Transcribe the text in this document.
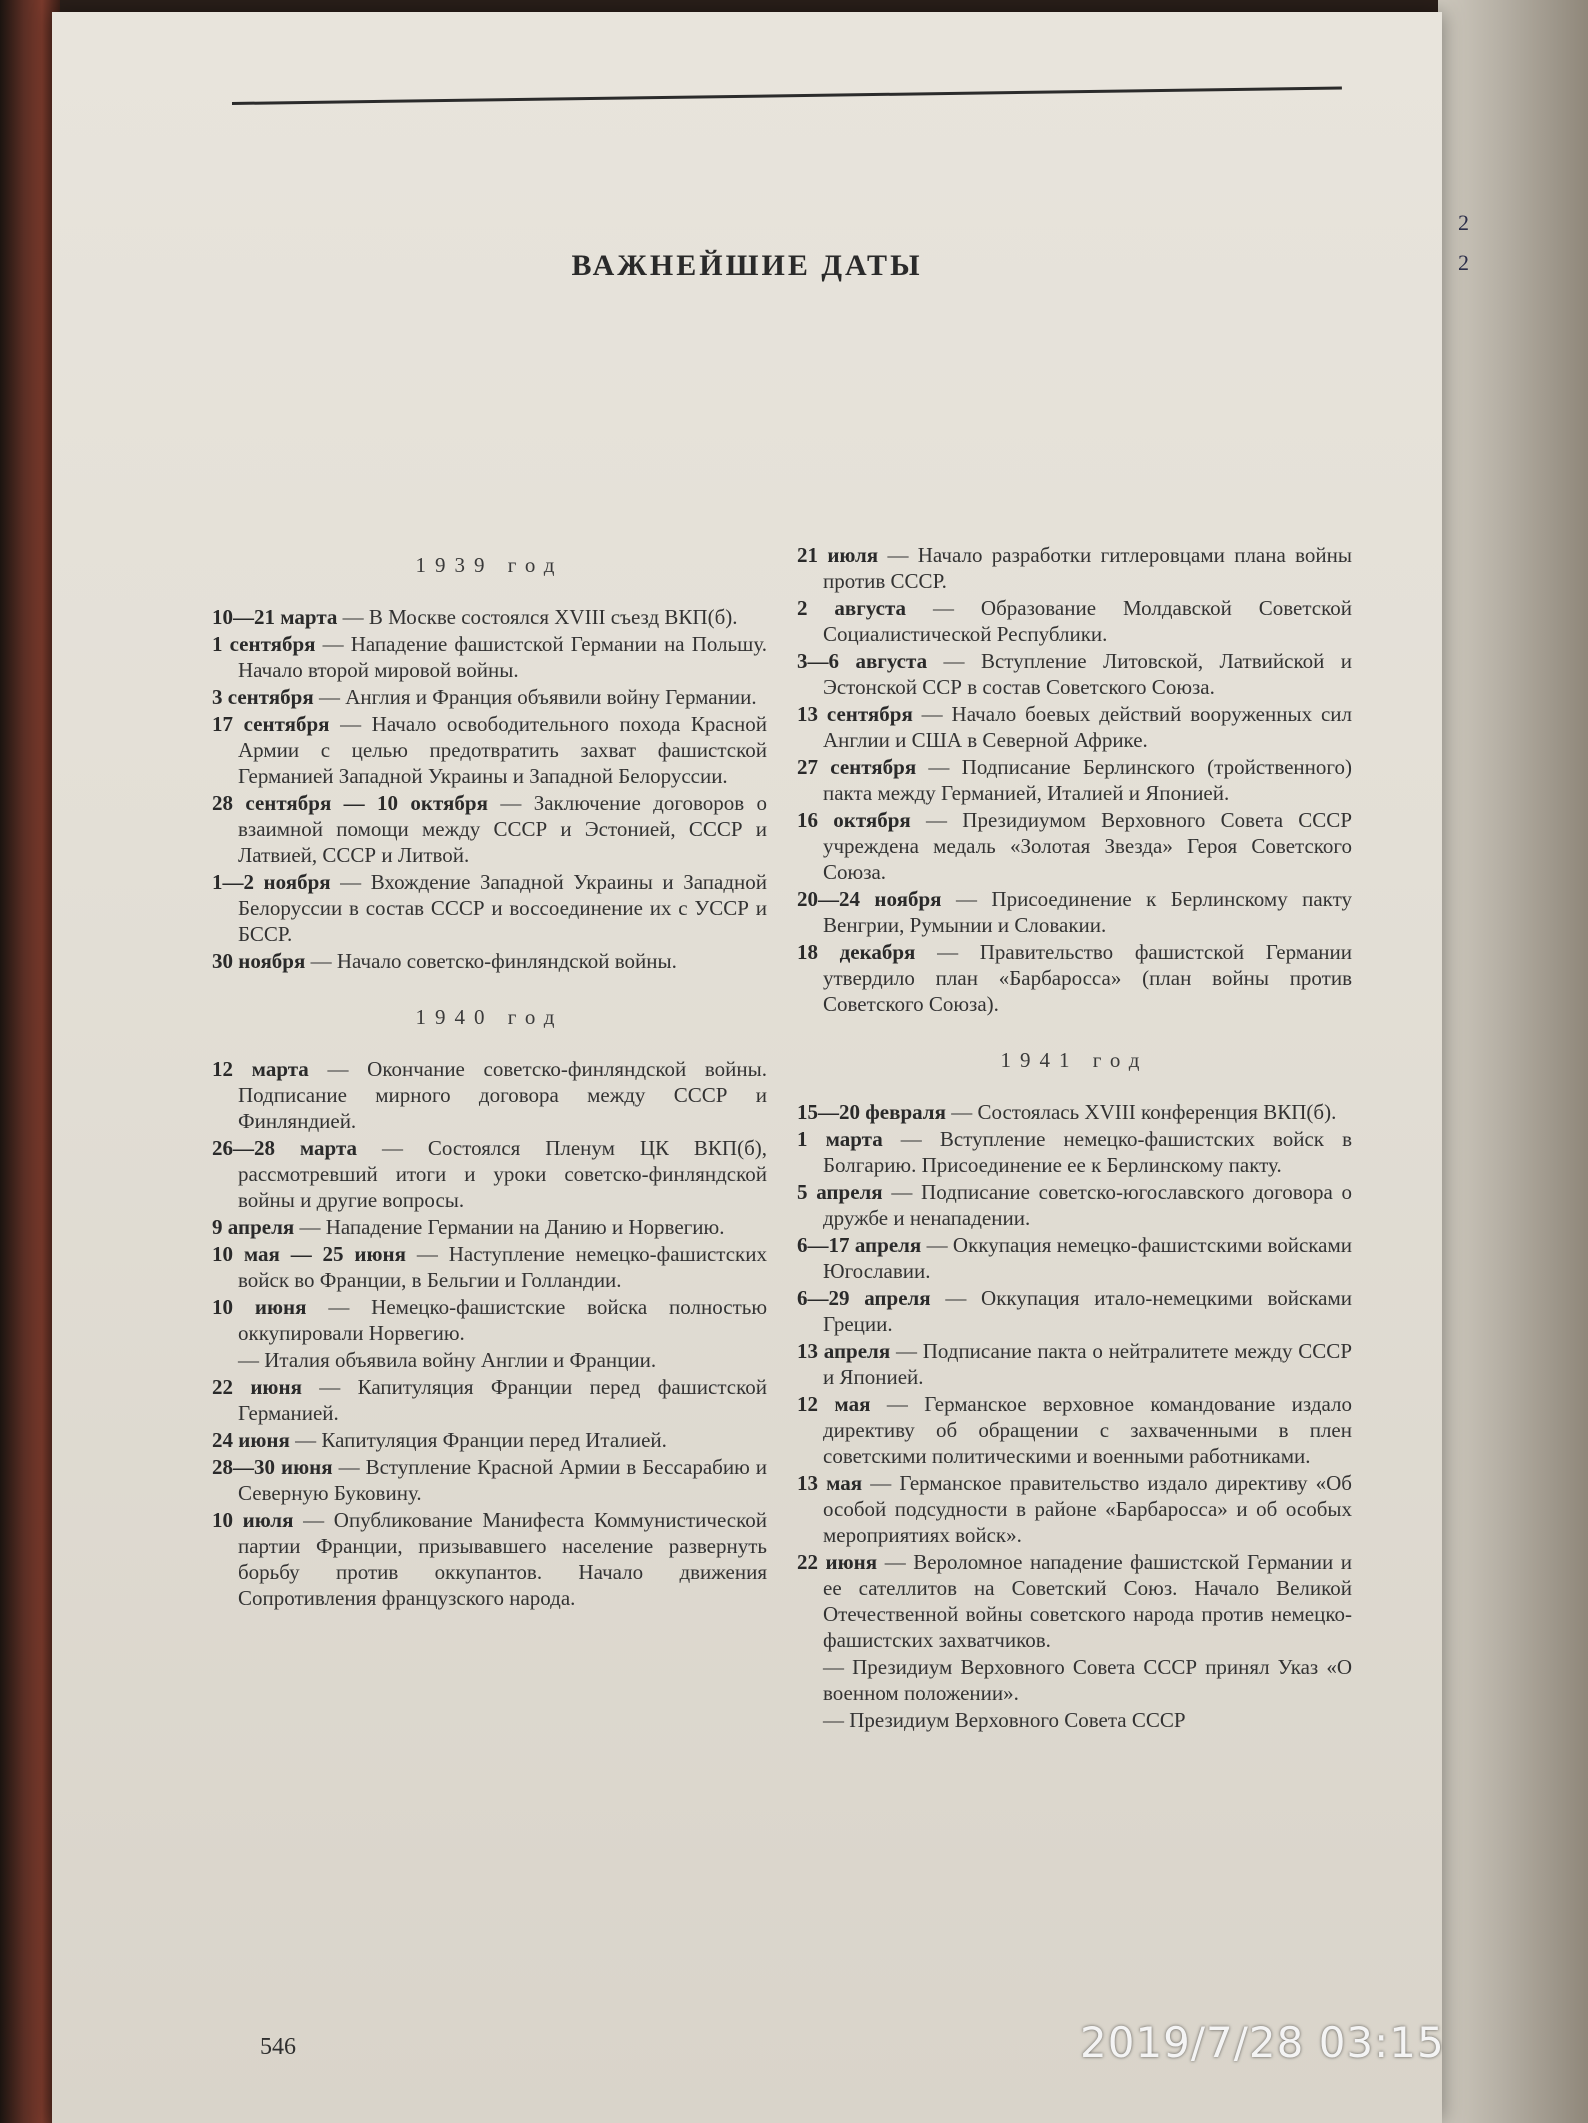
2
2
ВАЖНЕЙШИЕ ДАТЫ
1939 год
10—21 марта — В Москве состоялся XVIII съезд ВКП(б).
1 сентября — Нападение фашистской Германии на Польшу. Начало второй мировой войны.
3 сентября — Англия и Франция объявили войну Германии.
17 сентября — Начало освободительного похода Красной Армии с целью предотвратить захват фашистской Германией Западной Украины и Западной Белоруссии.
28 сентября — 10 октября — Заключение договоров о взаимной помощи между СССР и Эстонией, СССР и Латвией, СССР и Литвой.
1—2 ноября — Вхождение Западной Украины и Западной Белоруссии в состав СССР и воссоединение их с УССР и БССР.
30 ноября — Начало советско-финляндской войны.
1940 год
12 марта — Окончание советско-финляндской войны. Подписание мирного договора между СССР и Финляндией.
26—28 марта — Состоялся Пленум ЦК ВКП(б), рассмотревший итоги и уроки советско-финляндской войны и другие вопросы.
9 апреля — Нападение Германии на Данию и Норвегию.
10 мая — 25 июня — Наступление немецко-фашистских войск во Франции, в Бельгии и Голландии.
10 июня — Немецко-фашистские войска полностью оккупировали Норвегию.
— Италия объявила войну Англии и Франции.
22 июня — Капитуляция Франции перед фашистской Германией.
24 июня — Капитуляция Франции перед Италией.
28—30 июня — Вступление Красной Армии в Бессарабию и Северную Буковину.
10 июля — Опубликование Манифеста Коммунистической партии Франции, призывавшего население развернуть борьбу против оккупантов. Начало движения Сопротивления французского народа.
21 июля — Начало разработки гитлеровцами плана войны против СССР.
2 августа — Образование Молдавской Советской Социалистической Республики.
3—6 августа — Вступление Литовской, Латвийской и Эстонской ССР в состав Советского Союза.
13 сентября — Начало боевых действий вооруженных сил Англии и США в Северной Африке.
27 сентября — Подписание Берлинского (тройственного) пакта между Германией, Италией и Японией.
16 октября — Президиумом Верховного Совета СССР учреждена медаль «Золотая Звезда» Героя Советского Союза.
20—24 ноября — Присоединение к Берлинскому пакту Венгрии, Румынии и Словакии.
18 декабря — Правительство фашистской Германии утвердило план «Барбаросса» (план войны против Советского Союза).
1941 год
15—20 февраля — Состоялась XVIII конференция ВКП(б).
1 марта — Вступление немецко-фашистских войск в Болгарию. Присоединение ее к Берлинскому пакту.
5 апреля — Подписание советско-югославского договора о дружбе и ненападении.
6—17 апреля — Оккупация немецко-фашистскими войсками Югославии.
6—29 апреля — Оккупация итало-немецкими войсками Греции.
13 апреля — Подписание пакта о нейтралитете между СССР и Японией.
12 мая — Германское верховное командование издало директиву об обращении с захваченными в плен советскими политическими и военными работниками.
13 мая — Германское правительство издало директиву «Об особой подсудности в районе «Барбаросса» и об особых мероприятиях войск».
22 июня — Вероломное нападение фашистской Германии и ее сателлитов на Советский Союз. Начало Великой Отечественной войны советского народа против немецко-фашистских захватчиков.
— Президиум Верховного Совета СССР принял Указ «О военном положении».
— Президиум Верховного Совета СССР
546	2019/7/28 03:15
